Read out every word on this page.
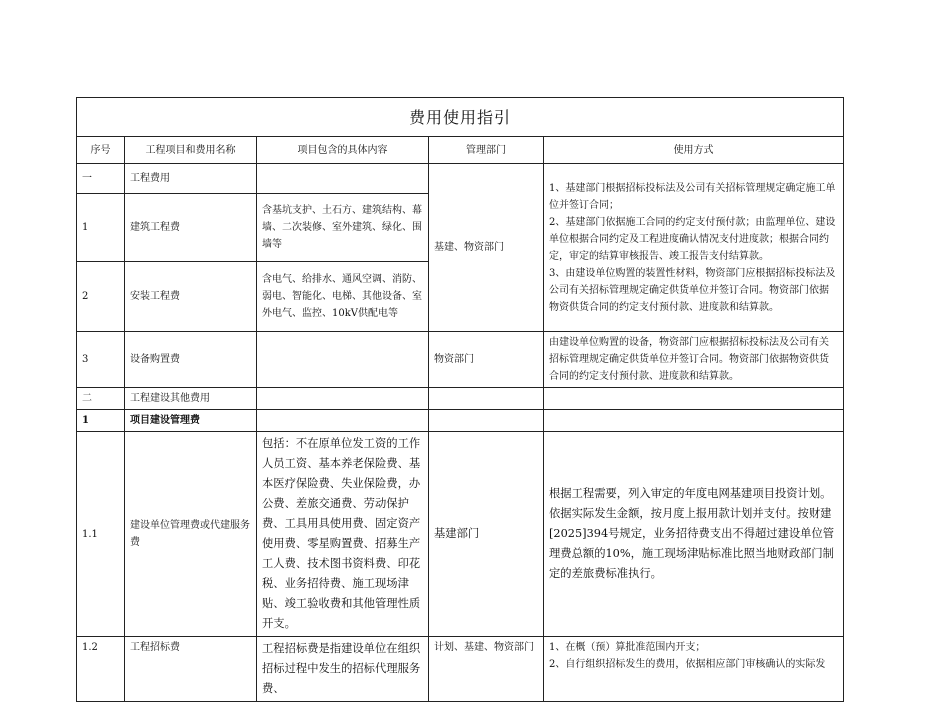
费用使用指引				
序号	工程项目和费用名称	项目包含的具体内容	管理部门	使用方式
一	工程费用		基建、物资部门	1、基建部门根据招标投标法及公司有关招标管理规定确定施工单位并签订合同；
2、基建部门依据施工合同的约定支付预付款；由监理单位、建设单位根据合同约定及工程进度确认情况支付进度款；根据合同约定，审定的结算审核报告、竣工报告支付结算款。
3、由建设单位购置的装置性材料，物资部门应根据招标投标法及公司有关招标管理规定确定供货单位并签订合同。物资部门依据物资供货合同的约定支付预付款、进度款和结算款。
1	建筑工程费	含基坑支护、土石方、建筑结构、幕墙、二次装修、室外建筑、绿化、围墙等		
2	安装工程费	含电气、给排水、通风空调、消防、弱电、智能化、电梯、其他设备、室外电气、监控、10kV供配电等		
3	设备购置费		物资部门	由建设单位购置的设备，物资部门应根据招标投标法及公司有关招标管理规定确定供货单位并签订合同。物资部门依据物资供货合同的约定支付预付款、进度款和结算款。
二	工程建设其他费用			
1	项目建设管理费			
1.1	建设单位管理费或代建服务费	包括：不在原单位发工资的工作人员工资、基本养老保险费、基本医疗保险费、失业保险费，办公费、差旅交通费、劳动保护费、工具用具使用费、固定资产使用费、零星购置费、招募生产工人费、技术图书资料费、印花税、业务招待费、施工现场津贴、竣工验收费和其他管理性质开支。	基建部门	根据工程需要，列入审定的年度电网基建项目投资计划。依据实际发生金额，按月度上报用款计划并支付。按财建[2025]394号规定，业务招待费支出不得超过建设单位管理费总额的10%，施工现场津贴标准比照当地财政部门制定的差旅费标准执行。
1.2	工程招标费	工程招标费是指建设单位在组织招标过程中发生的招标代理服务费、	计划、基建、物资部门	1、在概（预）算批准范围内开支；
2、自行组织招标发生的费用，依据相应部门审核确认的实际发
